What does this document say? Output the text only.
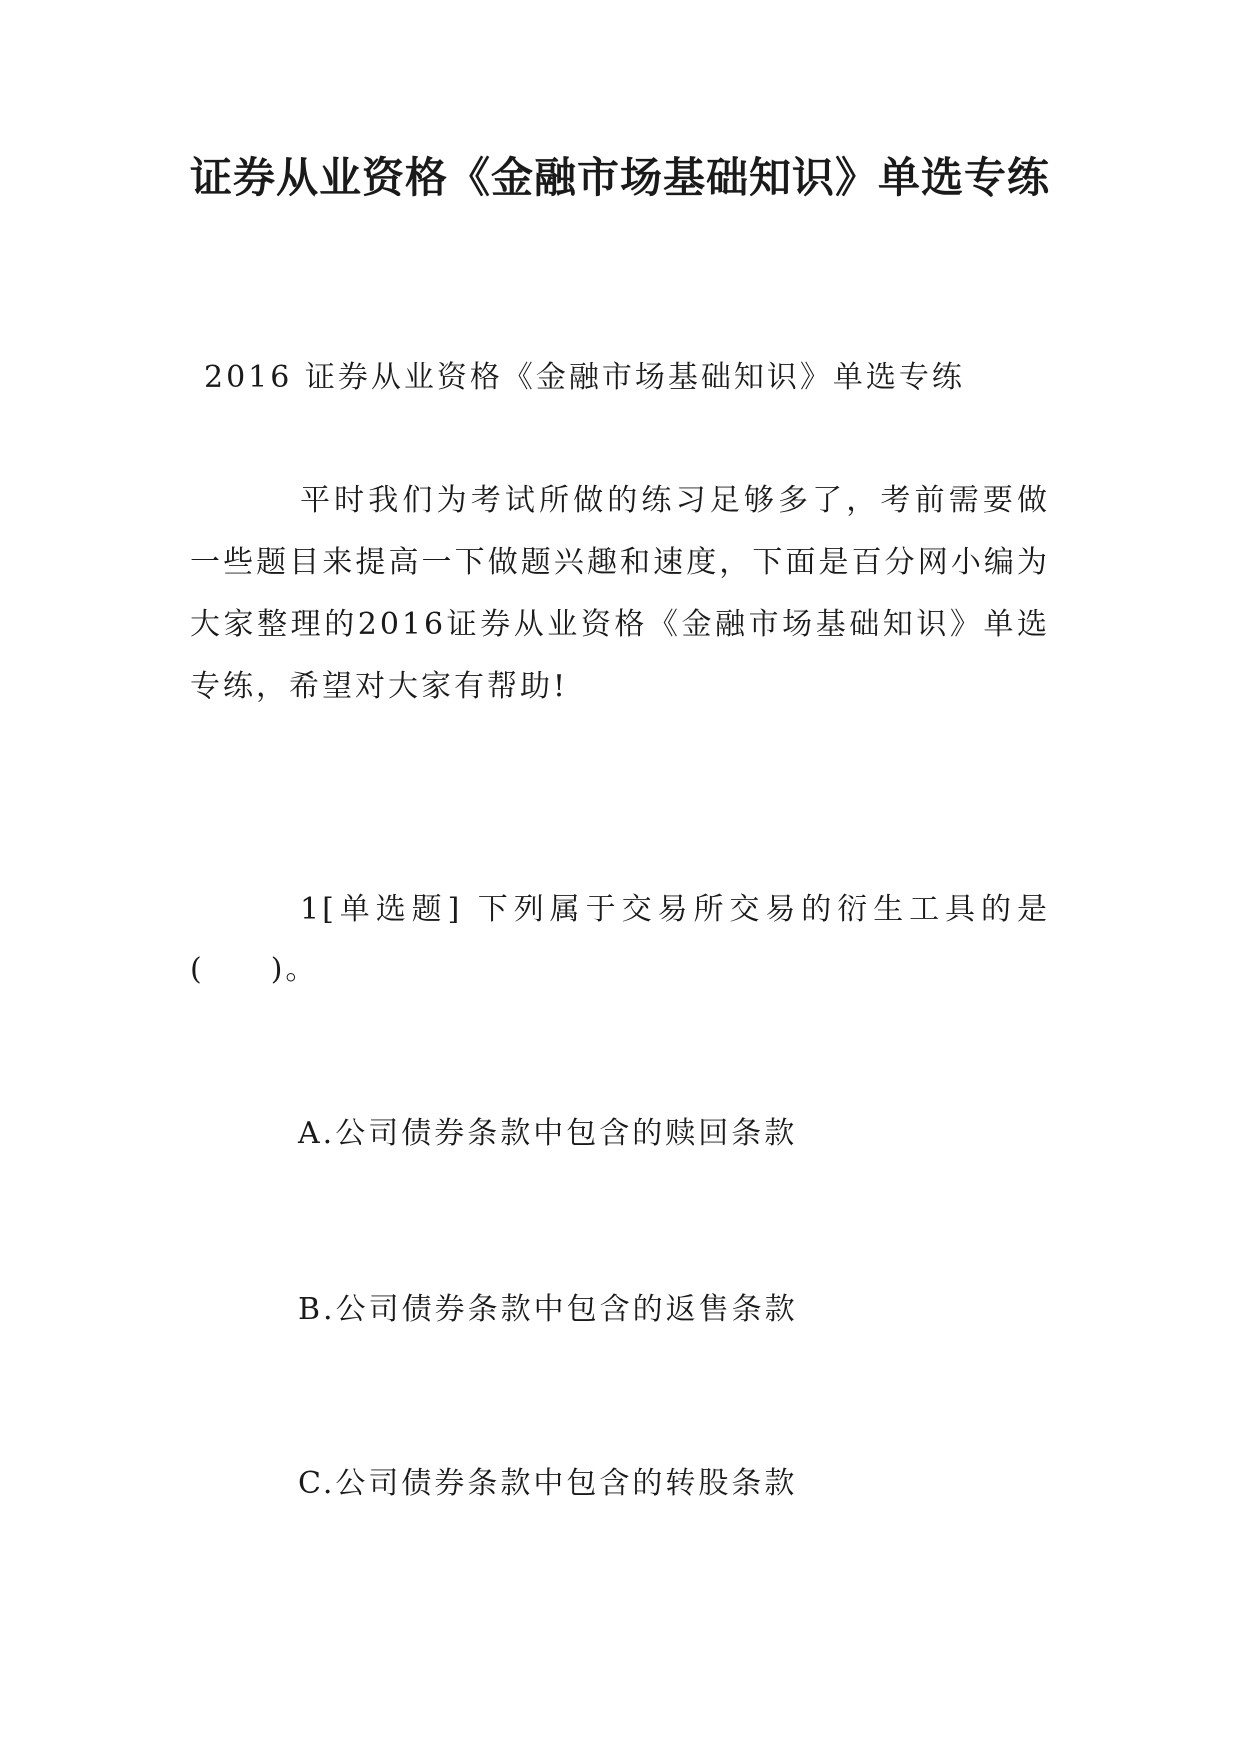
证券从业资格《金融市场基础知识》单选专练
2016 证券从业资格《金融市场基础知识》单选专练
平时我们为考试所做的练习足够多了，考前需要做一些题目来提高一下做题兴趣和速度，下面是百分网小编为大家整理的2016证券从业资格《金融市场基础知识》单选专练，希望对大家有帮助!
1[单选题] 下列属于交易所交易的衍生工具的是(　　)。
A.公司债券条款中包含的赎回条款
B.公司债券条款中包含的返售条款
C.公司债券条款中包含的转股条款
